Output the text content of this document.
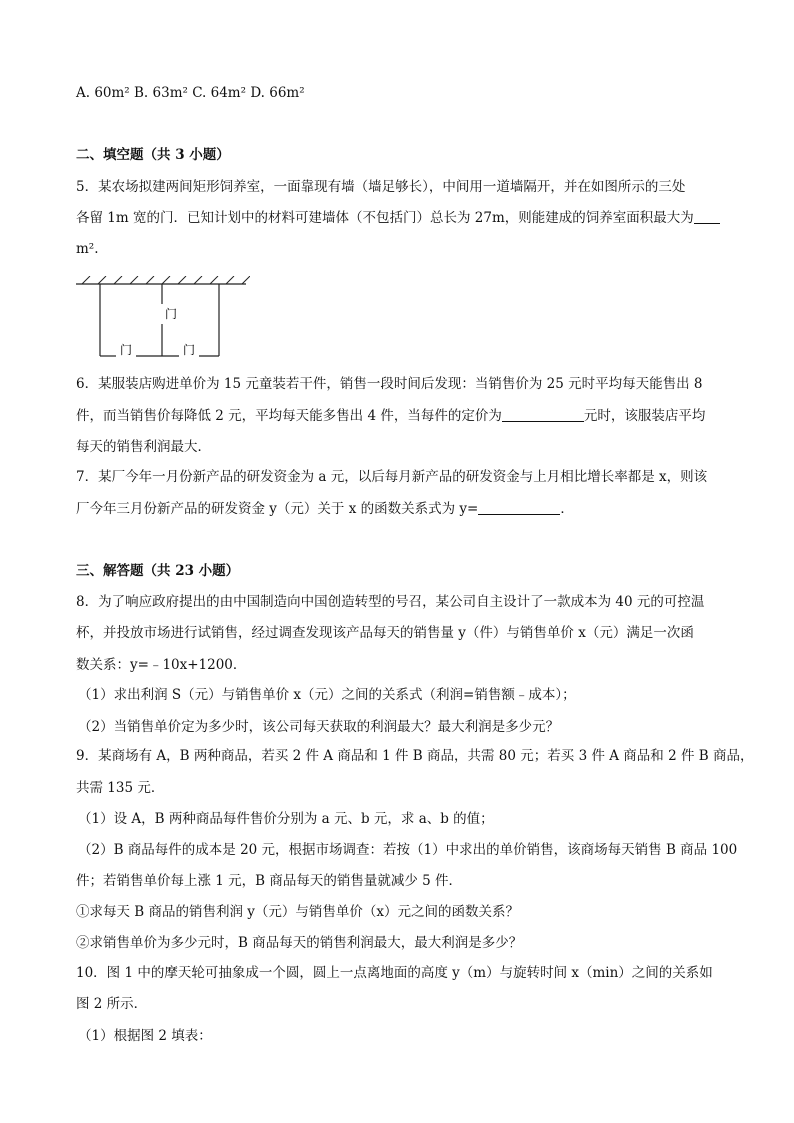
A. 60m² B. 63m² C. 64m² D. 66m²
二、填空题（共 3 小题）
5．某农场拟建两间矩形饲养室，一面靠现有墙（墙足够长），中间用一道墙隔开，并在如图所示的三处
各留 1m 宽的门．已知计划中的材料可建墙体（不包括门）总长为 27m，则能建成的饲养室面积最大为
m².
门
门	门
6．某服装店购进单价为 15 元童装若干件，销售一段时间后发现：当销售价为 25 元时平均每天能售出 8
件，而当销售价每降低 2 元，平均每天能多售出 4 件，当每件的定价为	元时，该服装店平均
每天的销售利润最大．
7．某厂今年一月份新产品的研发资金为 a 元，以后每月新产品的研发资金与上月相比增长率都是 x，则该
厂今年三月份新产品的研发资金 y（元）关于 x 的函数关系式为 y=	．
三、解答题（共 23 小题）
8．为了响应政府提出的由中国制造向中国创造转型的号召，某公司自主设计了一款成本为 40 元的可控温
杯，并投放市场进行试销售，经过调查发现该产品每天的销售量 y（件）与销售单价 x（元）满足一次函
数关系：y=﹣10x+1200．
（1）求出利润 S（元）与销售单价 x（元）之间的关系式（利润=销售额﹣成本）；
（2）当销售单价定为多少时，该公司每天获取的利润最大？最大利润是多少元？
9．某商场有 A，B 两种商品，若买 2 件 A 商品和 1 件 B 商品，共需 80 元；若买 3 件 A 商品和 2 件 B 商品，
共需 135 元．
（1）设 A，B 两种商品每件售价分别为 a 元、b 元，求 a、b 的值；
（2）B 商品每件的成本是 20 元，根据市场调查：若按（1）中求出的单价销售，该商场每天销售 B 商品 100
件；若销售单价每上涨 1 元，B 商品每天的销售量就减少 5 件．
①求每天 B 商品的销售利润 y（元）与销售单价（x）元之间的函数关系？
②求销售单价为多少元时，B 商品每天的销售利润最大，最大利润是多少？
10．图 1 中的摩天轮可抽象成一个圆，圆上一点离地面的高度 y（m）与旋转时间 x（min）之间的关系如
图 2 所示．
（1）根据图 2 填表：
